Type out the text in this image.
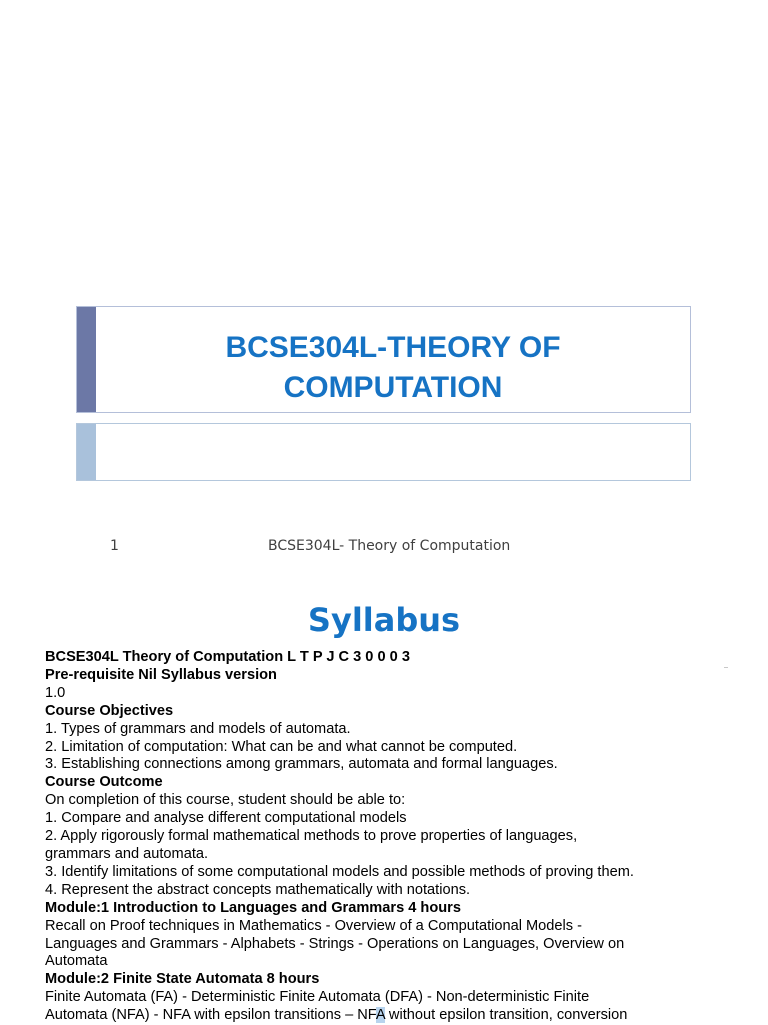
BCSE304L-THEORY OF
COMPUTATION
1	BCSE304L- Theory of Computation
Syllabus
BCSE304L Theory of Computation L T P J C 3 0 0 0 3
Pre-requisite Nil Syllabus version
1.0
Course Objectives
1. Types of grammars and models of automata.
2. Limitation of computation: What can be and what cannot be computed.
3. Establishing connections among grammars, automata and formal languages.
Course Outcome
On completion of this course, student should be able to:
1. Compare and analyse different computational models
2. Apply rigorously formal mathematical methods to prove properties of languages,
grammars and automata.
3. Identify limitations of some computational models and possible methods of proving them.
4. Represent the abstract concepts mathematically with notations.
Module:1 Introduction to Languages and Grammars 4 hours
Recall on Proof techniques in Mathematics - Overview of a Computational Models -
Languages and Grammars - Alphabets - Strings - Operations on Languages, Overview on
Automata
Module:2 Finite State Automata 8 hours
Finite Automata (FA) - Deterministic Finite Automata (DFA) - Non-deterministic Finite
Automata (NFA) - NFA with epsilon transitions – NFA without epsilon transition, conversion
